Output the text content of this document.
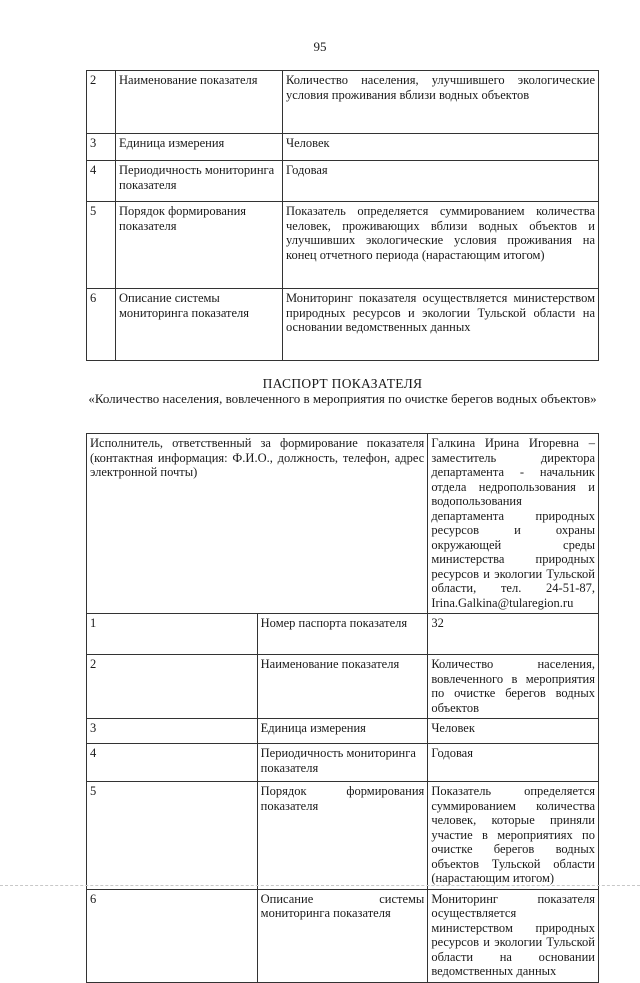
95
2	Наименование показателя	Количество населения, улучшившего экологические условия проживания вблизи водных объектов
3	Единица измерения	Человек
4	Периодичность мониторинга показателя	Годовая
5	Порядок формирования показателя	Показатель определяется суммированием количества человек, проживающих вблизи водных объектов и улучшивших экологические условия проживания на конец отчетного периода (нарастающим итогом)
6	Описание системы мониторинга показателя	Мониторинг показателя осуществляется министерством природных ресурсов и экологии Тульской области на основании ведомственных данных
ПАСПОРТ ПОКАЗАТЕЛЯ
«Количество населения, вовлеченного в мероприятия по очистке берегов водных объектов»
Исполнитель, ответственный за формирование показателя (контактная информация: Ф.И.О., должность, телефон, адрес электронной почты)		Галкина Ирина Игоревна – заместитель директора департамента - начальник отдела недропользования и водопользования департамента природных ресурсов и охраны окружающей среды министерства природных ресурсов и экологии Тульской области, тел. 24-51-87, Irina.Galkina@tularegion.ru
1	Номер паспорта показателя	32
2	Наименование показателя	Количество населения, вовлеченного в мероприятия по очистке берегов водных объектов
3	Единица измерения	Человек
4	Периодичность мониторинга показателя	Годовая
5	Порядок формирования показателя	Показатель определяется суммированием количества человек, которые приняли участие в мероприятиях по очистке берегов водных объектов Тульской области (нарастающим итогом)
6	Описание системы мониторинга показателя	Мониторинг показателя осуществляется министерством природных ресурсов и экологии Тульской области на основании ведомственных данных
